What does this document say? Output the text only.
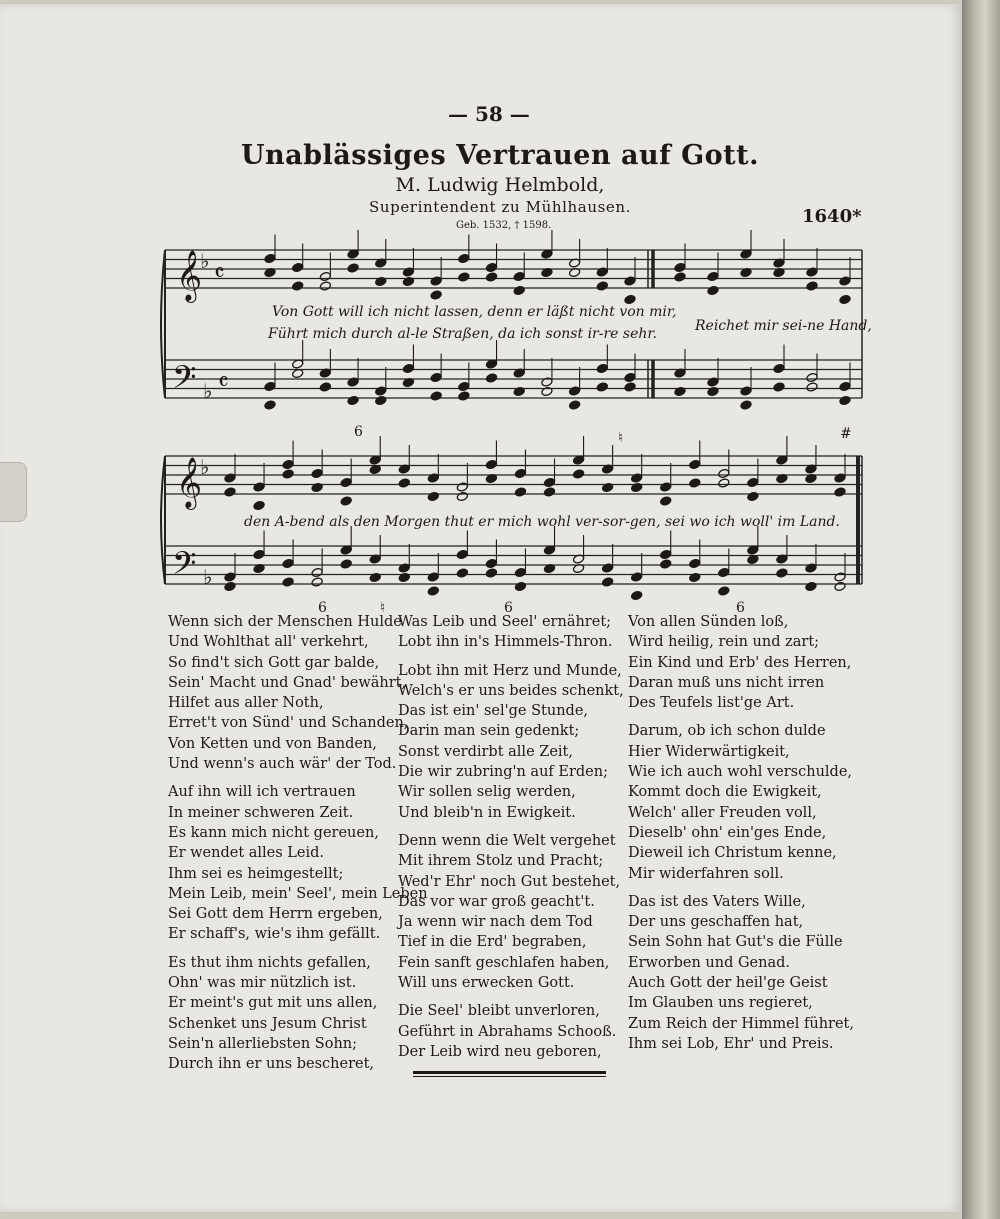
— 58 —
Unablässiges Vertrauen auf Gott.
M. Ludwig Helmbold,
Superintendent zu Mühlhausen.
Geb. 1532, † 1598.	1640*
𝄞
♭ 𝄴
𝄢 ♭ 𝄴
𝄞
♭
𝄢 ♭
6	♮	#
6	♮	6	6
Von Gott will ich nicht lassen, denn er läßt nicht von mir,
Führt mich durch al-le Straßen, da ich sonst ir-re sehr.	Reichet mir sei-ne Hand,
den A-bend als den Morgen thut er mich wohl ver-sor-gen, sei wo ich woll' im Land.
Wenn sich der Menschen Hulde
Und Wohlthat all' verkehrt,
So find't sich Gott gar balde,
Sein' Macht und Gnad' bewährt,
Hilfet aus aller Noth,
Erret't von Sünd' und Schanden,
Von Ketten und von Banden,
Und wenn's auch wär' der Tod.
Auf ihn will ich vertrauen
In meiner schweren Zeit.
Es kann mich nicht gereuen,
Er wendet alles Leid.
Ihm sei es heimgestellt;
Mein Leib, mein' Seel', mein Leben
Sei Gott dem Herrn ergeben,
Er schaff's, wie's ihm gefällt.
Es thut ihm nichts gefallen,
Ohn' was mir nützlich ist.
Er meint's gut mit uns allen,
Schenket uns Jesum Christ
Sein'n allerliebsten Sohn;
Durch ihn er uns bescheret,
Was Leib und Seel' ernähret;
Lobt ihn in's Himmels-Thron.
Lobt ihn mit Herz und Munde,
Welch's er uns beides schenkt,
Das ist ein' sel'ge Stunde,
Darin man sein gedenkt;
Sonst verdirbt alle Zeit,
Die wir zubring'n auf Erden;
Wir sollen selig werden,
Und bleib'n in Ewigkeit.
Denn wenn die Welt vergehet
Mit ihrem Stolz und Pracht;
Wed'r Ehr' noch Gut bestehet,
Das vor war groß geacht't.
Ja wenn wir nach dem Tod
Tief in die Erd' begraben,
Fein sanft geschlafen haben,
Will uns erwecken Gott.
Die Seel' bleibt unverloren,
Geführt in Abrahams Schooß.
Der Leib wird neu geboren,
Von allen Sünden loß,
Wird heilig, rein und zart;
Ein Kind und Erb' des Herren,
Daran muß uns nicht irren
Des Teufels list'ge Art.
Darum, ob ich schon dulde
Hier Widerwärtigkeit,
Wie ich auch wohl verschulde,
Kommt doch die Ewigkeit,
Welch' aller Freuden voll,
Dieselb' ohn' ein'ges Ende,
Dieweil ich Christum kenne,
Mir widerfahren soll.
Das ist des Vaters Wille,
Der uns geschaffen hat,
Sein Sohn hat Gut's die Fülle
Erworben und Genad.
Auch Gott der heil'ge Geist
Im Glauben uns regieret,
Zum Reich der Himmel führet,
Ihm sei Lob, Ehr' und Preis.
